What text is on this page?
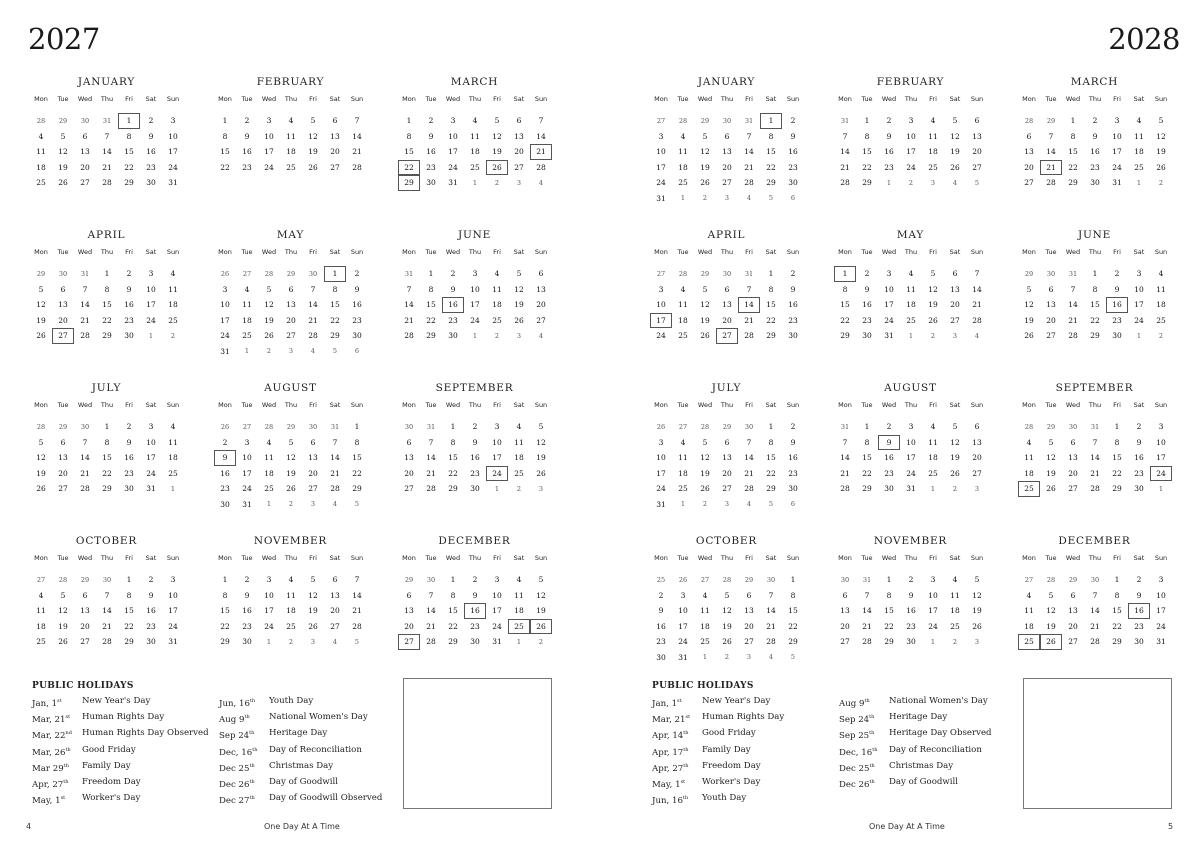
2027	2028
JANUARY
Mon	Tue	Wed	Thu	Fri	Sat	Sun
28	29	30	31	1	2	3
4	5	6	7	8	9	10
11	12	13	14	15	16	17
18	19	20	21	22	23	24
25	26	27	28	29	30	31
FEBRUARY
Mon	Tue	Wed	Thu	Fri	Sat	Sun
1	2	3	4	5	6	7
8	9	10	11	12	13	14
15	16	17	18	19	20	21
22	23	24	25	26	27	28
MARCH
Mon	Tue	Wed	Thu	Fri	Sat	Sun
1	2	3	4	5	6	7
8	9	10	11	12	13	14
15	16	17	18	19	20	21
22	23	24	25	26	27	28
29	30	31	1	2	3	4
APRIL
Mon	Tue	Wed	Thu	Fri	Sat	Sun
29	30	31	1	2	3	4
5	6	7	8	9	10	11
12	13	14	15	16	17	18
19	20	21	22	23	24	25
26	27	28	29	30	1	2
MAY
Mon	Tue	Wed	Thu	Fri	Sat	Sun
26	27	28	29	30	1	2
3	4	5	6	7	8	9
10	11	12	13	14	15	16
17	18	19	20	21	22	23
24	25	26	27	28	29	30
31	1	2	3	4	5	6
JUNE
Mon	Tue	Wed	Thu	Fri	Sat	Sun
31	1	2	3	4	5	6
7	8	9	10	11	12	13
14	15	16	17	18	19	20
21	22	23	24	25	26	27
28	29	30	1	2	3	4
JULY
Mon	Tue	Wed	Thu	Fri	Sat	Sun
28	29	30	1	2	3	4
5	6	7	8	9	10	11
12	13	14	15	16	17	18
19	20	21	22	23	24	25
26	27	28	29	30	31	1
AUGUST
Mon	Tue	Wed	Thu	Fri	Sat	Sun
26	27	28	29	30	31	1
2	3	4	5	6	7	8
9	10	11	12	13	14	15
16	17	18	19	20	21	22
23	24	25	26	27	28	29
30	31	1	2	3	4	5
SEPTEMBER
Mon	Tue	Wed	Thu	Fri	Sat	Sun
30	31	1	2	3	4	5
6	7	8	9	10	11	12
13	14	15	16	17	18	19
20	21	22	23	24	25	26
27	28	29	30	1	2	3
OCTOBER
Mon	Tue	Wed	Thu	Fri	Sat	Sun
27	28	29	30	1	2	3
4	5	6	7	8	9	10
11	12	13	14	15	16	17
18	19	20	21	22	23	24
25	26	27	28	29	30	31
NOVEMBER
Mon	Tue	Wed	Thu	Fri	Sat	Sun
1	2	3	4	5	6	7
8	9	10	11	12	13	14
15	16	17	18	19	20	21
22	23	24	25	26	27	28
29	30	1	2	3	4	5
DECEMBER
Mon	Tue	Wed	Thu	Fri	Sat	Sun
29	30	1	2	3	4	5
6	7	8	9	10	11	12
13	14	15	16	17	18	19
20	21	22	23	24	25	26
27	28	29	30	31	1	2
JANUARY
Mon	Tue	Wed	Thu	Fri	Sat	Sun
27	28	29	30	31	1	2
3	4	5	6	7	8	9
10	11	12	13	14	15	16
17	18	19	20	21	22	23
24	25	26	27	28	29	30
31	1	2	3	4	5	6
FEBRUARY
Mon	Tue	Wed	Thu	Fri	Sat	Sun
31	1	2	3	4	5	6
7	8	9	10	11	12	13
14	15	16	17	18	19	20
21	22	23	24	25	26	27
28	29	1	2	3	4	5
MARCH
Mon	Tue	Wed	Thu	Fri	Sat	Sun
28	29	1	2	3	4	5
6	7	8	9	10	11	12
13	14	15	16	17	18	19
20	21	22	23	24	25	26
27	28	29	30	31	1	2
APRIL
Mon	Tue	Wed	Thu	Fri	Sat	Sun
27	28	29	30	31	1	2
3	4	5	6	7	8	9
10	11	12	13	14	15	16
17	18	19	20	21	22	23
24	25	26	27	28	29	30
MAY
Mon	Tue	Wed	Thu	Fri	Sat	Sun
1	2	3	4	5	6	7
8	9	10	11	12	13	14
15	16	17	18	19	20	21
22	23	24	25	26	27	28
29	30	31	1	2	3	4
JUNE
Mon	Tue	Wed	Thu	Fri	Sat	Sun
29	30	31	1	2	3	4
5	6	7	8	9	10	11
12	13	14	15	16	17	18
19	20	21	22	23	24	25
26	27	28	29	30	1	2
JULY
Mon	Tue	Wed	Thu	Fri	Sat	Sun
26	27	28	29	30	1	2
3	4	5	6	7	8	9
10	11	12	13	14	15	16
17	18	19	20	21	22	23
24	25	26	27	28	29	30
31	1	2	3	4	5	6
AUGUST
Mon	Tue	Wed	Thu	Fri	Sat	Sun
31	1	2	3	4	5	6
7	8	9	10	11	12	13
14	15	16	17	18	19	20
21	22	23	24	25	26	27
28	29	30	31	1	2	3
SEPTEMBER
Mon	Tue	Wed	Thu	Fri	Sat	Sun
28	29	30	31	1	2	3
4	5	6	7	8	9	10
11	12	13	14	15	16	17
18	19	20	21	22	23	24
25	26	27	28	29	30	1
OCTOBER
Mon	Tue	Wed	Thu	Fri	Sat	Sun
25	26	27	28	29	30	1
2	3	4	5	6	7	8
9	10	11	12	13	14	15
16	17	18	19	20	21	22
23	24	25	26	27	28	29
30	31	1	2	3	4	5
NOVEMBER
Mon	Tue	Wed	Thu	Fri	Sat	Sun
30	31	1	2	3	4	5
6	7	8	9	10	11	12
13	14	15	16	17	18	19
20	21	22	23	24	25	26
27	28	29	30	1	2	3
DECEMBER
Mon	Tue	Wed	Thu	Fri	Sat	Sun
27	28	29	30	1	2	3
4	5	6	7	8	9	10
11	12	13	14	15	16	17
18	19	20	21	22	23	24
25	26	27	28	29	30	31
PUBLIC HOLIDAYS
Jan, 1st	New Year's Day
Mar, 21st	Human Rights Day
Mar, 22nd	Human Rights Day Observed
Mar, 26th	Good Friday
Mar 29th	Family Day
Apr, 27th	Freedom Day
May, 1st	Worker's Day
Jun, 16th	Youth Day
Aug 9th	National Women's Day
Sep 24th	Heritage Day
Dec, 16th	Day of Reconciliation
Dec 25th	Christmas Day
Dec 26th	Day of Goodwill
Dec 27th	Day of Goodwill Observed
PUBLIC HOLIDAYS
Jan, 1st	New Year's Day
Mar, 21st	Human Rights Day
Apr, 14th	Good Friday
Apr, 17th	Family Day
Apr, 27th	Freedom Day
May, 1st	Worker's Day
Jun, 16th	Youth Day
Aug 9th	National Women's Day
Sep 24th	Heritage Day
Sep 25th	Heritage Day Observed
Dec, 16th	Day of Reconciliation
Dec 25th	Christmas Day
Dec 26th	Day of Goodwill
4	One Day At A Time	One Day At A Time	5
